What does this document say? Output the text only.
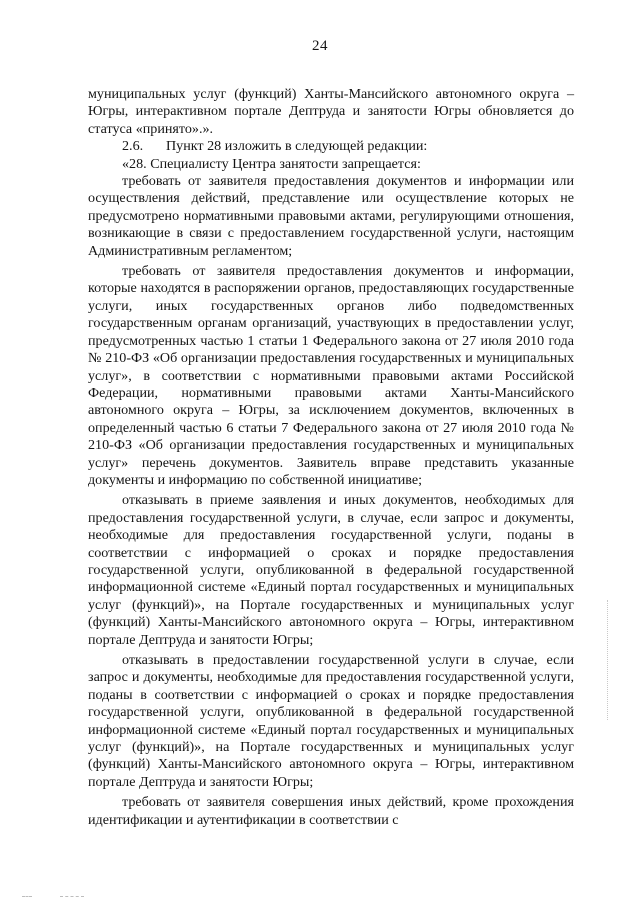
24

муниципальных услуг (функций) Ханты-Мансийского автономного округа – Югры, интерактивном портале Дептруда и занятости Югры обновляется до статуса «принято».».

2.6. Пункт 28 изложить в следующей редакции:

«28. Специалисту Центра занятости запрещается:

требовать от заявителя предоставления документов и информации или осуществления действий, представление или осуществление которых не предусмотрено нормативными правовыми актами, регулирующими отношения, возникающие в связи с предоставлением государственной услуги, настоящим Административным регламентом;

требовать от заявителя предоставления документов и информации, которые находятся в распоряжении органов, предоставляющих государственные услуги, иных государственных органов либо подведомственных государственным органам организаций, участвующих в предоставлении услуг, предусмотренных частью 1 статьи 1 Федерального закона от 27 июля 2010 года № 210-ФЗ «Об организации предоставления государственных и муниципальных услуг», в соответствии с нормативными правовыми актами Российской Федерации, нормативными правовыми актами Ханты-Мансийского автономного округа – Югры, за исключением документов, включенных в определенный частью 6 статьи 7 Федерального закона от 27 июля 2010 года № 210-ФЗ «Об организации предоставления государственных и муниципальных услуг» перечень документов. Заявитель вправе представить указанные документы и информацию по собственной инициативе;

отказывать в приеме заявления и иных документов, необходимых для предоставления государственной услуги, в случае, если запрос и документы, необходимые для предоставления государственной услуги, поданы в соответствии с информацией о сроках и порядке предоставления государственной услуги, опубликованной в федеральной государственной информационной системе «Единый портал государственных и муниципальных услуг (функций)», на Портале государственных и муниципальных услуг (функций) Ханты-Мансийского автономного округа – Югры, интерактивном портале Дептруда и занятости Югры;

отказывать в предоставлении государственной услуги в случае, если запрос и документы, необходимые для предоставления государственной услуги, поданы в соответствии с информацией о сроках и порядке предоставления государственной услуги, опубликованной в федеральной государственной информационной системе «Единый портал государственных и муниципальных услуг (функций)», на Портале государственных и муниципальных услуг (функций) Ханты-Мансийского автономного округа – Югры, интерактивном портале Дептруда и занятости Югры;

требовать от заявителя совершения иных действий, кроме прохождения идентификации и аутентификации в соответствии с
